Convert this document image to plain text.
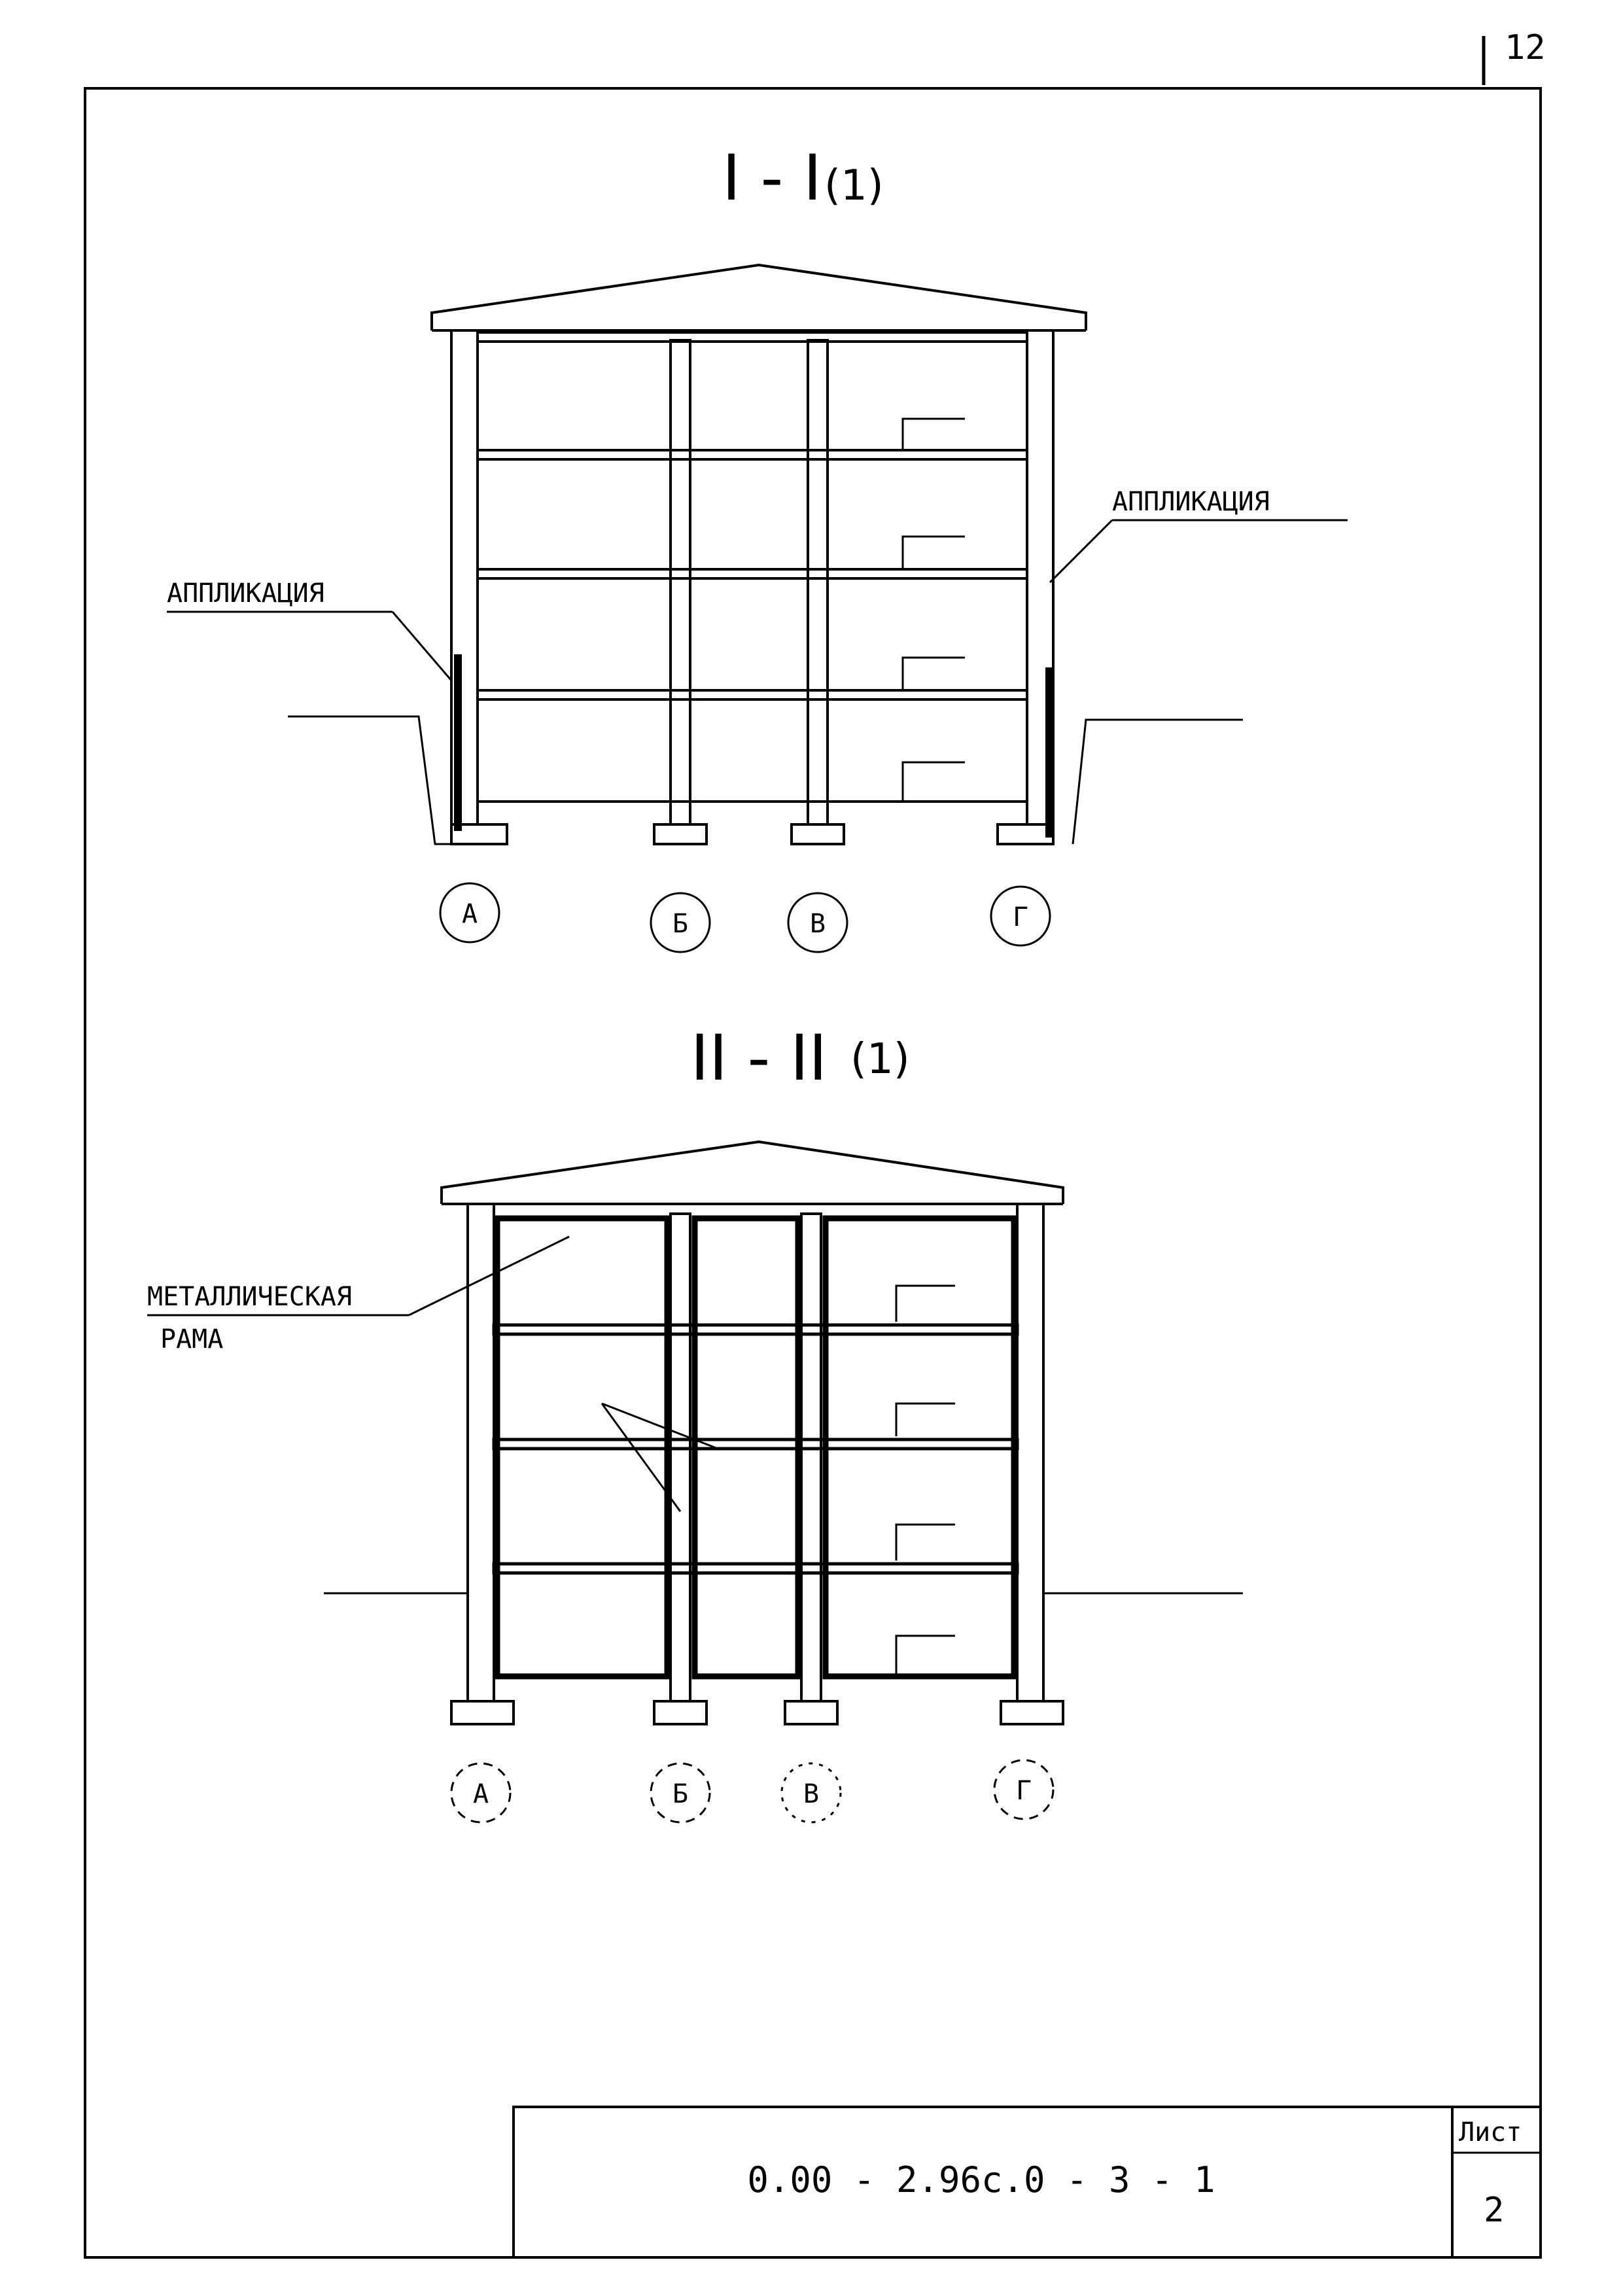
12
Лист
2
0.00 - 2.96с.0 - 3 - 1
I - I (1)
АППЛИКАЦИЯ
АППЛИКАЦИЯ
А	Б	В	Г
II - II (1)
МЕТАЛЛИЧЕСКАЯ
РАМА
А	Б	В	Г
